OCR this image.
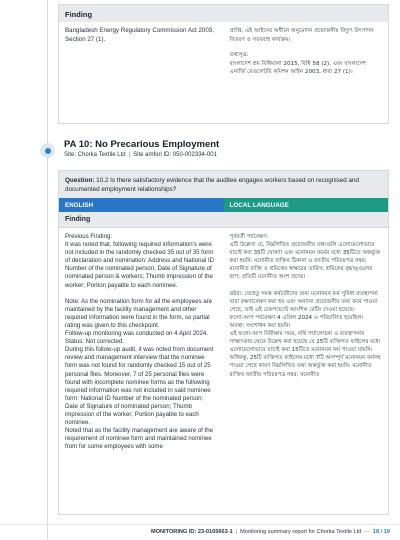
Finding

Bangladesh Energy Regulatory Commission Act 2003, Section 27 (1).

প্রাপ্তি, এই আইনের অধীনে অনুমোদন প্রয়োজনীয় বিদ্যুৎ উৎপাদন বিতরণ ও সরবরাহ কার্যক্রম।

তথ্যসূত্র:

বাংলাদেশ শ্রম বিধিমালা 2015, বিধি 58 (2), এবং বাংলাদেশ এনার্জি রেগুলেটরি কমিশন আইন 2003, ধারা 27 (1)।

PA 10: No Precarious Employment
Site: Chorka Textile Ltd | Site amfori ID: 050-002334-001
Question: 10.2 Is there satisfactory evidence that the auditee engages workers based on recognised and documented employment relationships?
ENGLISH	LOCAL LANGUAGE
Finding

Previous Finding:
It was noted that, following required information's were not included in the randomly checked 35 out of 35 form of declaration and nomination: Address and National ID Number of the nominated person; Date of Signature of nominated person & workers; Thumb impression of the worker; Portion payable to each nominee.

Note: As the nomination form for all the employees are maintained by the facility management and other required information were found in the form, so partial rating was given to this checkpoint.
Follow-up monitoring was conducted on 4 April 2024.
Status: Not corrected.
During this follow-up audit, it was noted from document review and management interview that the nominee form was not found for randomly checked 15 out of 25 personal files. Moreover, 7 of 25 personal files were found with incomplete nominee forms as the following required information was not included in said nominee form: National ID Number of the nominated person; Date of Signature of nominated person; Thumb impression of the worker; Portion payable to each nominee.
Noted that as the facility management are aware of the requirement of nominee form and maintained nominee from for some employees with some

পূর্ববর্তী পর্যবেক্ষণ:
এটি উল্লেখ্য যে, নিম্নলিখিত প্রয়োজনীয় তথ্যগুলি এলোমেলোভাবে যাচাই করা 35টি ঘোষণা এবং মনোনয়ন ফর্মের মধ্যে 35টিতে অন্তর্ভুক্ত করা হয়নি: মনোনীত ব্যক্তির ঠিকানা ও জাতীয় পরিচয়পত্র নম্বর; মনোনীত ব্যক্তি ও শ্রমিকের স্বাক্ষরের তারিখ; শ্রমিকের বৃদ্ধাঙ্গুলের ছাপ; প্রতিটি মনোনীত অংশ প্রদেয়।

দ্রষ্টব্য: যেহেতু সমস্ত কর্মচারীদের জন্য মনোনয়ন ফর্ম সুবিধা ব্যবস্থাপনা দ্বারা রক্ষণাবেক্ষণ করা হয় এবং অন্যান্য প্রয়োজনীয় তথ্য ফর্মে পাওয়া গেছে, তাই এই চেকপয়েন্টে আংশিক রেটিং দেওয়া হয়েছে।
ফলো-আপ পর্যবেক্ষণ 4 এপ্রিল 2024 এ পরিচালিত হয়েছিল।
অবস্থা: সংশোধন করা হয়নি।
এই ফলো-আপ নিরীক্ষার সময়, নথি পর্যালোচনা ও ব্যবস্থাপনার সাক্ষাৎকার থেকে উল্লেখ করা হয়েছে যে 25টি ব্যক্তিগত ফাইলের মধ্যে এলোমেলোভাবে যাচাই করা 15টিতে মনোনয়ন ফর্ম পাওয়া যায়নি। অধিকন্তু, 25টি ব্যক্তিগত ফাইলের মধ্যে 7টি অসম্পূর্ণ মনোনয়ন ফর্মসহ পাওয়া গেছে কারণ নিম্নলিখিত তথ্য অন্তর্ভুক্ত করা হয়নি: মনোনীত ব্যক্তির জাতীয় পরিচয়পত্র নম্বর; মনোনীত

MONITORING ID: 23-0165663-1 | Monitoring summary report for Chorka Textile Ltd — 18 / 19
